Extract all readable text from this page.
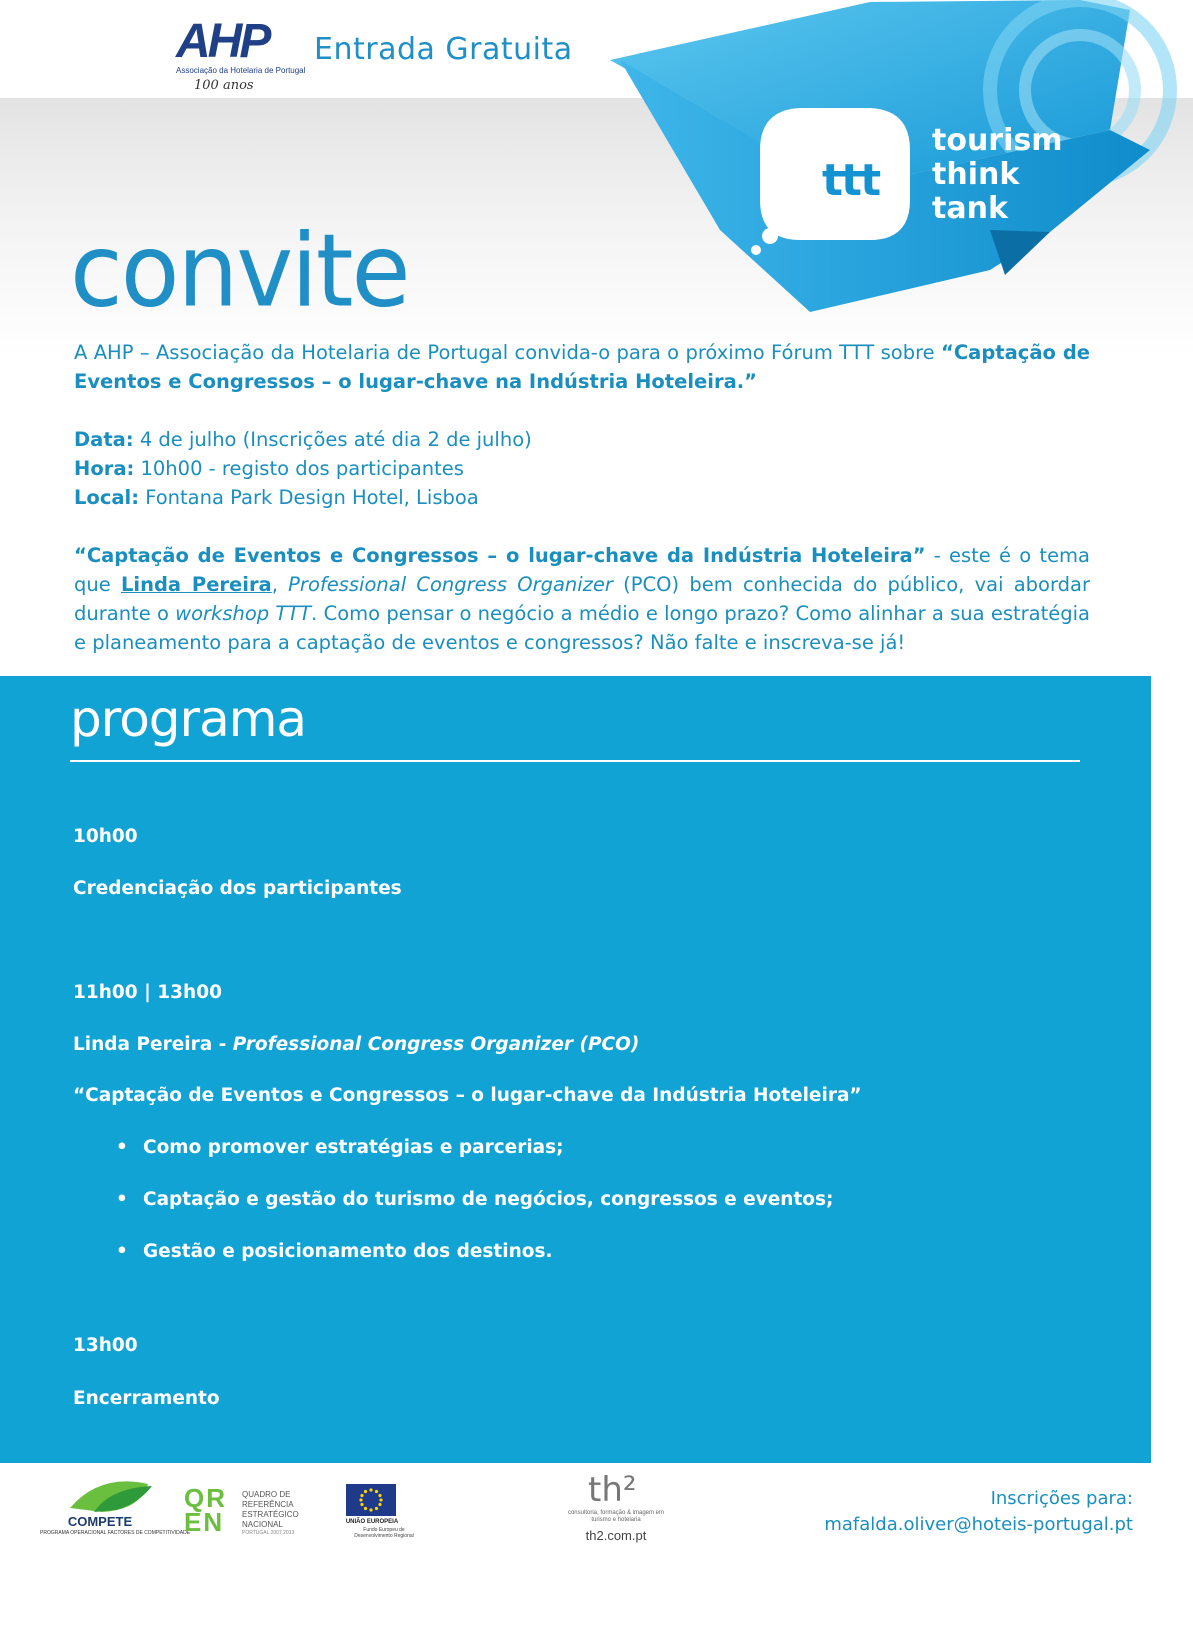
AHP
Associação da Hotelaria de Portugal
100 anos
Entrada Gratuita
ttt
tourism
think
tank
convite

A AHP – Associação da Hotelaria de Portugal convida-o para o próximo Fórum TTT sobre “Captação de Eventos e Congressos – o lugar-chave na Indústria Hoteleira.”

Data: 4 de julho (Inscrições até dia 2 de julho)

Hora: 10h00 - registo dos participantes

Local: Fontana Park Design Hotel, Lisboa

“Captação de Eventos e Congressos – o lugar-chave da Indústria Hoteleira” - este é o tema que Linda Pereira, Professional Congress Organizer (PCO) bem conhecida do público, vai abordar durante o workshop TTT. Como pensar o negócio a médio e longo prazo? Como alinhar a sua estratégia e planeamento para a captação de eventos e congressos? Não falte e inscreva-se já!

programa
10h00
Credenciação dos participantes
11h00 | 13h00
Linda Pereira - Professional Congress Organizer (PCO)
“Captação de Eventos e Congressos – o lugar-chave da Indústria Hoteleira”
• Como promover estratégias e parcerias;
• Captação e gestão do turismo de negócios, congressos e eventos;
• Gestão e posicionamento dos destinos.
13h00
Encerramento
COMPETE
PROGRAMA OPERACIONAL FACTORES DE COMPETITIVIDADE
QR EN
QUADRO DE REFERÊNCIA ESTRATÉGICO NACIONAL
PORTUGAL 2007.2013
UNIÃO EUROPEIA
Fundo Europeu de Desenvolvimento Regional
th²
consultoria, formação & imagem em turismo e hotelaria
th2.com.pt
Inscrições para:
mafalda.oliver@hoteis-portugal.pt
